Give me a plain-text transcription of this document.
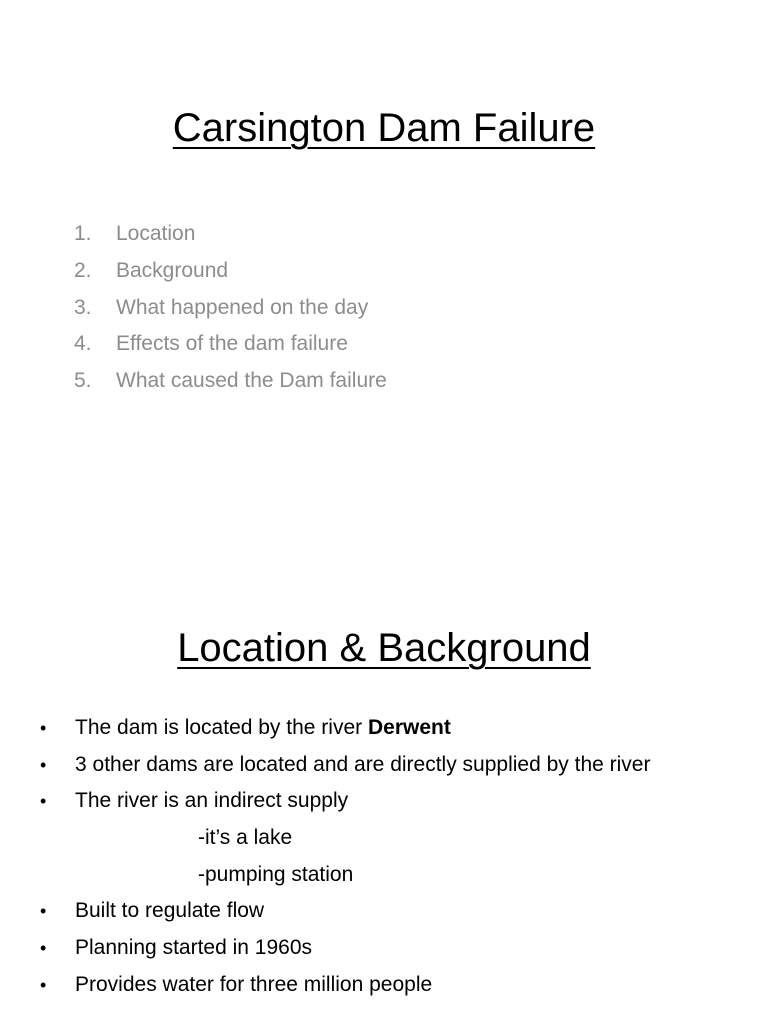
Carsington Dam Failure
1. Location
2. Background
3. What happened on the day
4. Effects of the dam failure
5. What caused the Dam failure
Location & Background
• The dam is located by the river Derwent
• 3 other dams are located and are directly supplied by the river
• The river is an indirect supply
-it’s a lake
-pumping station
• Built to regulate flow
• Planning started in 1960s
• Provides water for three million people
